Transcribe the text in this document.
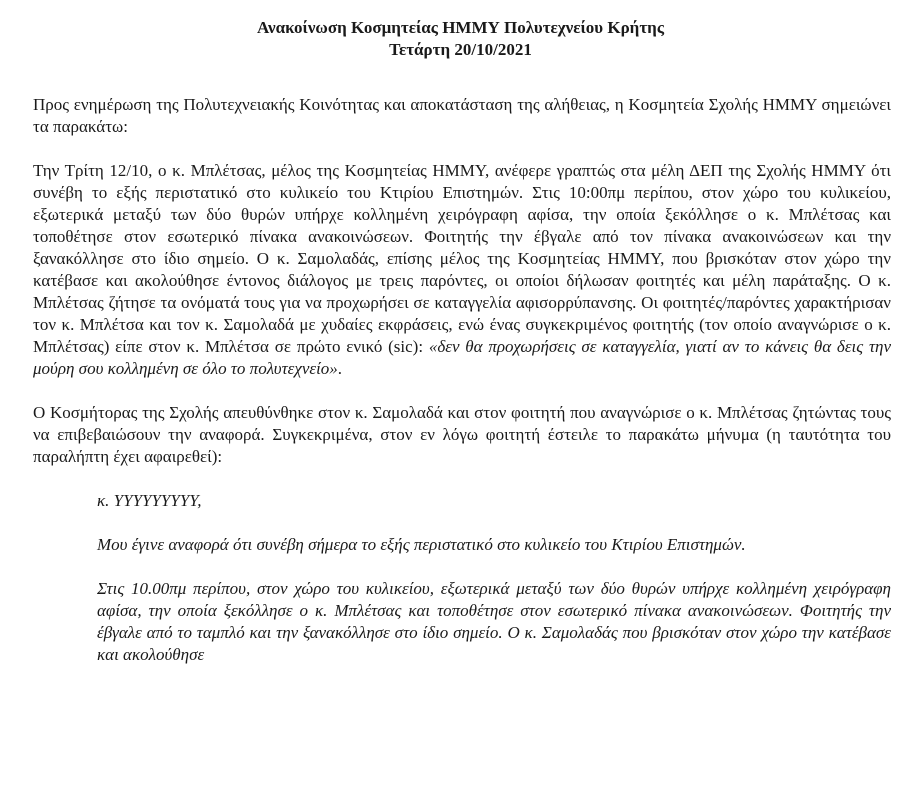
Ανακοίνωση Κοσμητείας ΗΜΜΥ Πολυτεχνείου Κρήτης
Τετάρτη 20/10/2021

Προς ενημέρωση της Πολυτεχνειακής Κοινότητας και αποκατάσταση της αλήθειας, η Κοσμητεία Σχολής ΗΜΜΥ σημειώνει τα παρακάτω:

Την Τρίτη 12/10, ο κ. Μπλέτσας, μέλος της Κοσμητείας ΗΜΜΥ, ανέφερε γραπτώς στα μέλη ΔΕΠ της Σχολής ΗΜΜΥ ότι συνέβη το εξής περιστατικό στο κυλικείο του Κτιρίου Επιστημών. Στις 10:00πμ περίπου, στον χώρο του κυλικείου, εξωτερικά μεταξύ των δύο θυρών υπήρχε κολλημένη χειρόγραφη αφίσα, την οποία ξεκόλλησε ο κ. Μπλέτσας και τοποθέτησε στον εσωτερικό πίνακα ανακοινώσεων. Φοιτητής την έβγαλε από τον πίνακα ανακοινώσεων και την ξανακόλλησε στο ίδιο σημείο. Ο κ. Σαμολαδάς, επίσης μέλος της Κοσμητείας ΗΜΜΥ, που βρισκόταν στον χώρο την κατέβασε και ακολούθησε έντονος διάλογος με τρεις παρόντες, οι οποίοι δήλωσαν φοιτητές και μέλη παράταξης. Ο κ. Μπλέτσας ζήτησε τα ονόματά τους για να προχωρήσει σε καταγγελία αφισορρύπανσης. Οι φοιτητές/παρόντες χαρακτήρισαν τον κ. Μπλέτσα και τον κ. Σαμολαδά με χυδαίες εκφράσεις, ενώ ένας συγκεκριμένος φοιτητής (τον οποίο αναγνώρισε ο κ. Μπλέτσας) είπε στον κ. Μπλέτσα σε πρώτο ενικό (sic): «δεν θα προχωρήσεις σε καταγγελία, γιατί αν το κάνεις θα δεις την μούρη σου κολλημένη σε όλο το πολυτεχνείο».

Ο Κοσμήτορας της Σχολής απευθύνθηκε στον κ. Σαμολαδά και στον φοιτητή που αναγνώρισε ο κ. Μπλέτσας ζητώντας τους να επιβεβαιώσουν την αναφορά. Συγκεκριμένα, στον εν λόγω φοιτητή έστειλε το παρακάτω μήνυμα (η ταυτότητα του παραλήπτη έχει αφαιρεθεί):

κ. ΥΥΥΥΥΥΥΥΥ,

Μου έγινε αναφορά ότι συνέβη σήμερα το εξής περιστατικό στο κυλικείο του Κτιρίου Επιστημών.

Στις 10.00πμ περίπου, στον χώρο του κυλικείου, εξωτερικά μεταξύ των δύο θυρών υπήρχε κολλημένη χειρόγραφη αφίσα, την οποία ξεκόλλησε ο κ. Μπλέτσας και τοποθέτησε στον εσωτερικό πίνακα ανακοινώσεων. Φοιτητής την έβγαλε από το ταμπλό και την ξανακόλλησε στο ίδιο σημείο. Ο κ. Σαμολαδάς που βρισκόταν στον χώρο την κατέβασε και ακολούθησε
